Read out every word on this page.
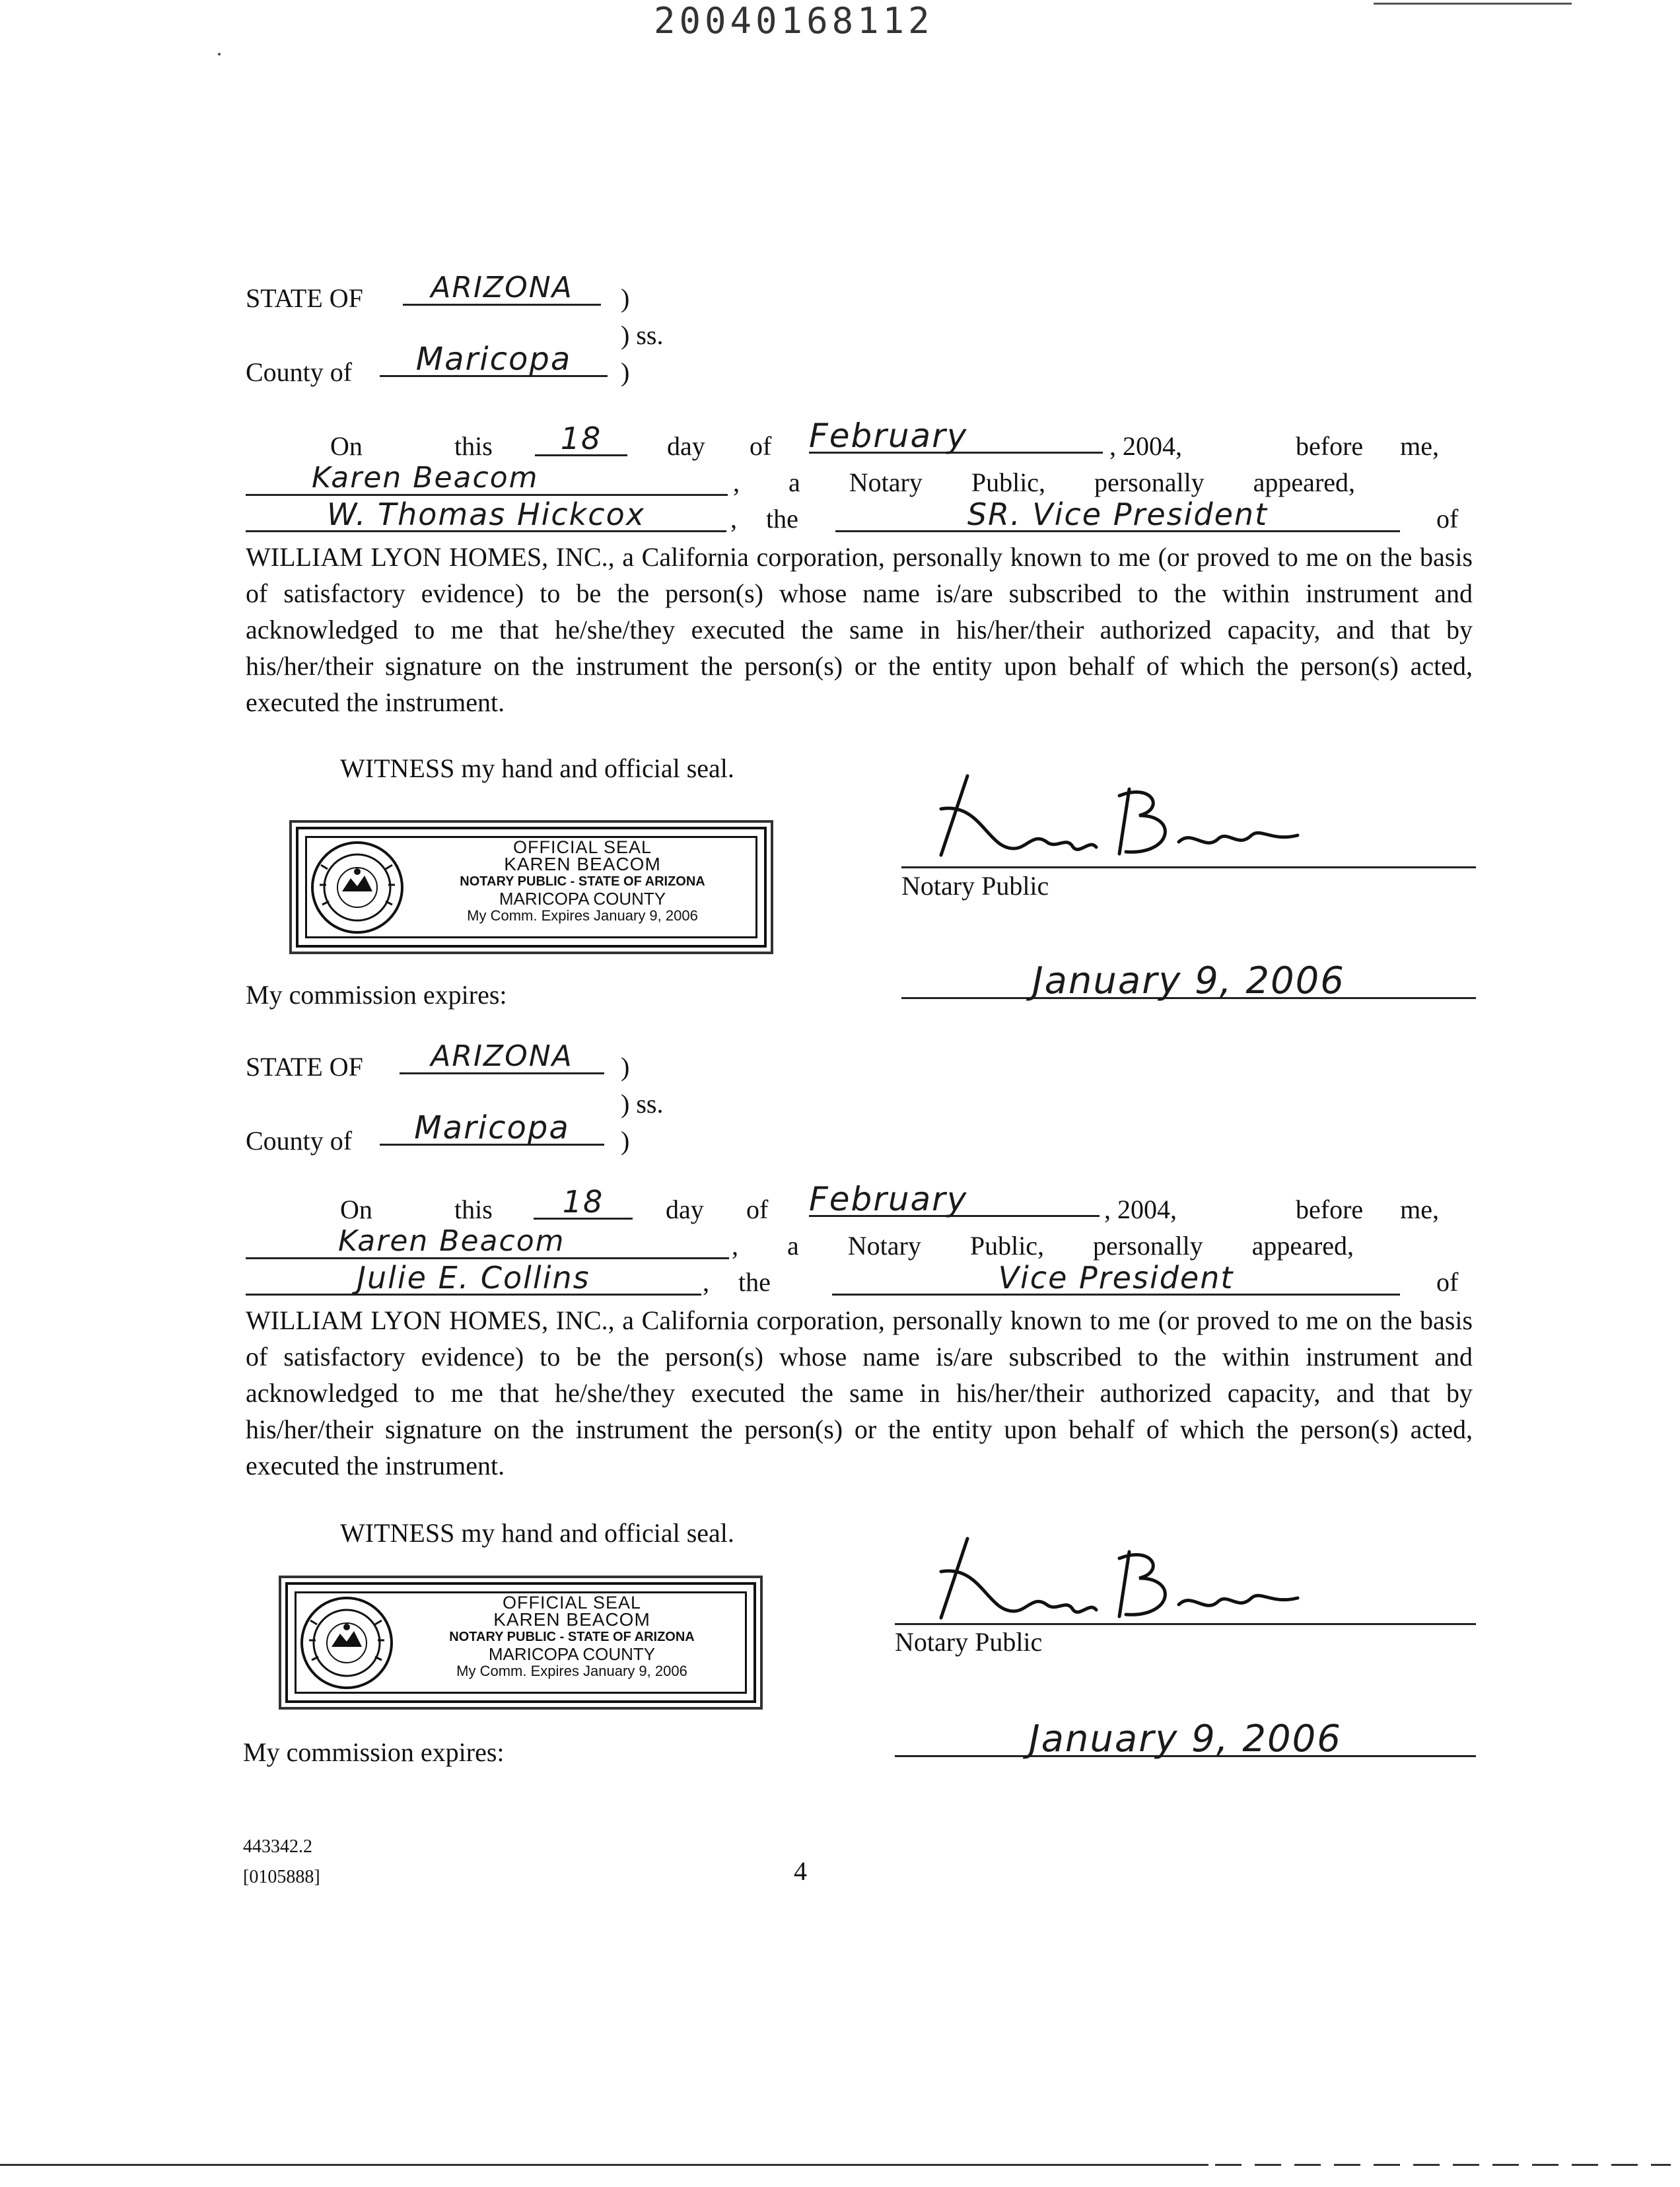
20040168112
STATE OF	ARIZONA	)
) ss.
County of	Maricopa	)
On	this	18	day of February	, 2004,	before me,
Karen Beacom	, a Notary Public, personally appeared,
W. Thomas Hickcox	, the	SR. Vice President	of
WILLIAM LYON HOMES, INC., a California corporation, personally known to me (or proved to me on the basis of satisfactory evidence) to be the person(s) whose name is/are subscribed to the within instrument and acknowledged to me that he/she/they executed the same in his/her/their authorized capacity, and that by his/her/their signature on the instrument the person(s) or the entity upon behalf of which the person(s) acted, executed the instrument.
WITNESS my hand and official seal.
OFFICIAL SEAL
KAREN BEACOM
NOTARY PUBLIC - STATE OF ARIZONA
MARICOPA COUNTY
My Comm. Expires January 9, 2006
Notary Public
My commission expires:	January 9, 2006
STATE OF	ARIZONA	)
) ss.
County of	Maricopa	)
On	this	18	day of February	, 2004,	before me,
Karen Beacom	, a Notary Public, personally appeared,
Julie E. Collins	, the	Vice President	of
WILLIAM LYON HOMES, INC., a California corporation, personally known to me (or proved to me on the basis of satisfactory evidence) to be the person(s) whose name is/are subscribed to the within instrument and acknowledged to me that he/she/they executed the same in his/her/their authorized capacity, and that by his/her/their signature on the instrument the person(s) or the entity upon behalf of which the person(s) acted, executed the instrument.
WITNESS my hand and official seal.
OFFICIAL SEAL
KAREN BEACOM
NOTARY PUBLIC - STATE OF ARIZONA
MARICOPA COUNTY
My Comm. Expires January 9, 2006
Notary Public
My commission expires:	January 9, 2006
443342.2
[0105888]	4
